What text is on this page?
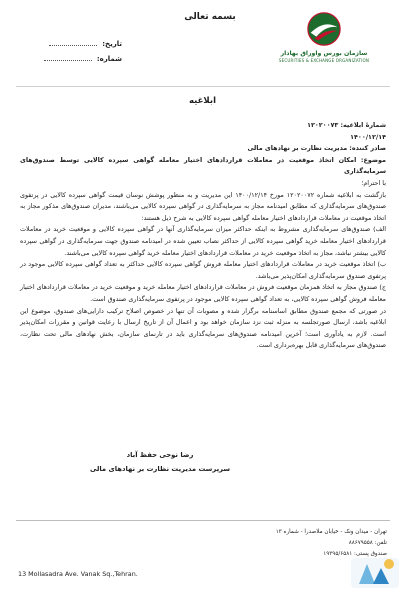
بسمه تعالی
تاریخ:
شماره:
سازمان بورس واوراق بهادار
SECURITIES & EXCHANGE ORGANIZATION
ابلاغیه

شمارهٔ ابلاغیه: ۱۲۰۲۰۰۷۳

۱۴۰۰/۱۲/۱۴

صادر کننده: مدیریت نظارت بر نهادهای مالی

موضوع: امکان اتخاذ موقعیت در معاملات قراردادهای اختیار معامله گواهی سپرده کالایی توسط صندوق‌های سرمایه‌گذاری

با احترام؛

بازگشت به ابلاغیه شماره ۱۲۰۲۰۰۷۲ مورخ ۱۴۰۰/۱۲/۱۴ این مدیریت و به منظور پوشش نوسان قیمت گواهی سپرده کالایی در پرتفوی صندوق‌های سرمایه‌گذاری که مطابق امیدنامه مجاز به سرمایه‌گذاری در گواهی سپرده کالایی می‌باشند، مدیران صندوق‌های مذکور مجاز به اتخاذ موقعیت در معاملات قراردادهای اختیار معامله گواهی سپرده کالایی به شرح ذیل هستند:

الف) صندوق‌های سرمایه‌گذاری مشروط به اینکه حداکثر میزان سرمایه‌گذاری آنها در گواهی سپرده کالایی و موقعیت خرید در معاملات قراردادهای اختیار معامله خرید گواهی سپرده کالایی از حداکثر نصاب تعیین شده در امیدنامه صندوق جهت سرمایه‌گذاری در گواهی سپرده کالایی بیشتر نباشد، مجاز به اتخاذ موقعیت خرید در معاملات قراردادهای اختیار معامله خرید گواهی سپرده کالایی می‌باشند.

ب) اتخاذ موقعیت خرید در معاملات قراردادهای اختیار معامله فروش گواهی سپرده کالایی حداکثر به تعداد گواهی سپرده کالایی موجود در پرتفوی صندوق سرمایه‌گذاری امکان‌پذیر می‌باشد.

ج) صندوق مجاز به اتخاذ همزمان موقعیت فروش در معاملات قراردادهای اختیار معامله خرید و موقعیت خرید در معاملات قراردادهای اختیار معامله فروش گواهی سپرده کالایی، به تعداد گواهی سپرده کالایی موجود در پرتفوی سرمایه‌گذاری صندوق است.

در صورتی که مجمع صندوق مطابق اساسنامه برگزار شده و مصوبات آن تنها در خصوص اصلاح ترکیب دارایی‌های صندوق، موضوع این ابلاغیه باشد، ارسال صورتجلسه به منزله ثبت نزد سازمان خواهد بود و اعمال آن از تاریخ ارسال با رعایت قوانین و مقررات امکان‌پذیر است. لازم به یادآوری است؛ آخرین امیدنامه صندوق‌های سرمایه‌گذاری باید در تارنمای سازمان، بخش نهادهای مالی تحت نظارت، صندوق‌های سرمایه‌گذاری قابل بهره‌برداری است.

رضا نوحی حفظ آباد
سرپرست مدیریت نظارت بر نهادهای مالی
تهران - میدان ونک - خیابان ملاصدرا - شماره ۱۳
تلفن: ۸۸۶۷۹۵۵۸
صندوق پستی: ۱۹۳۹۵/۶۵۸۱
13 Mollasadra Ave. Vanak Sq.,Tehran.
